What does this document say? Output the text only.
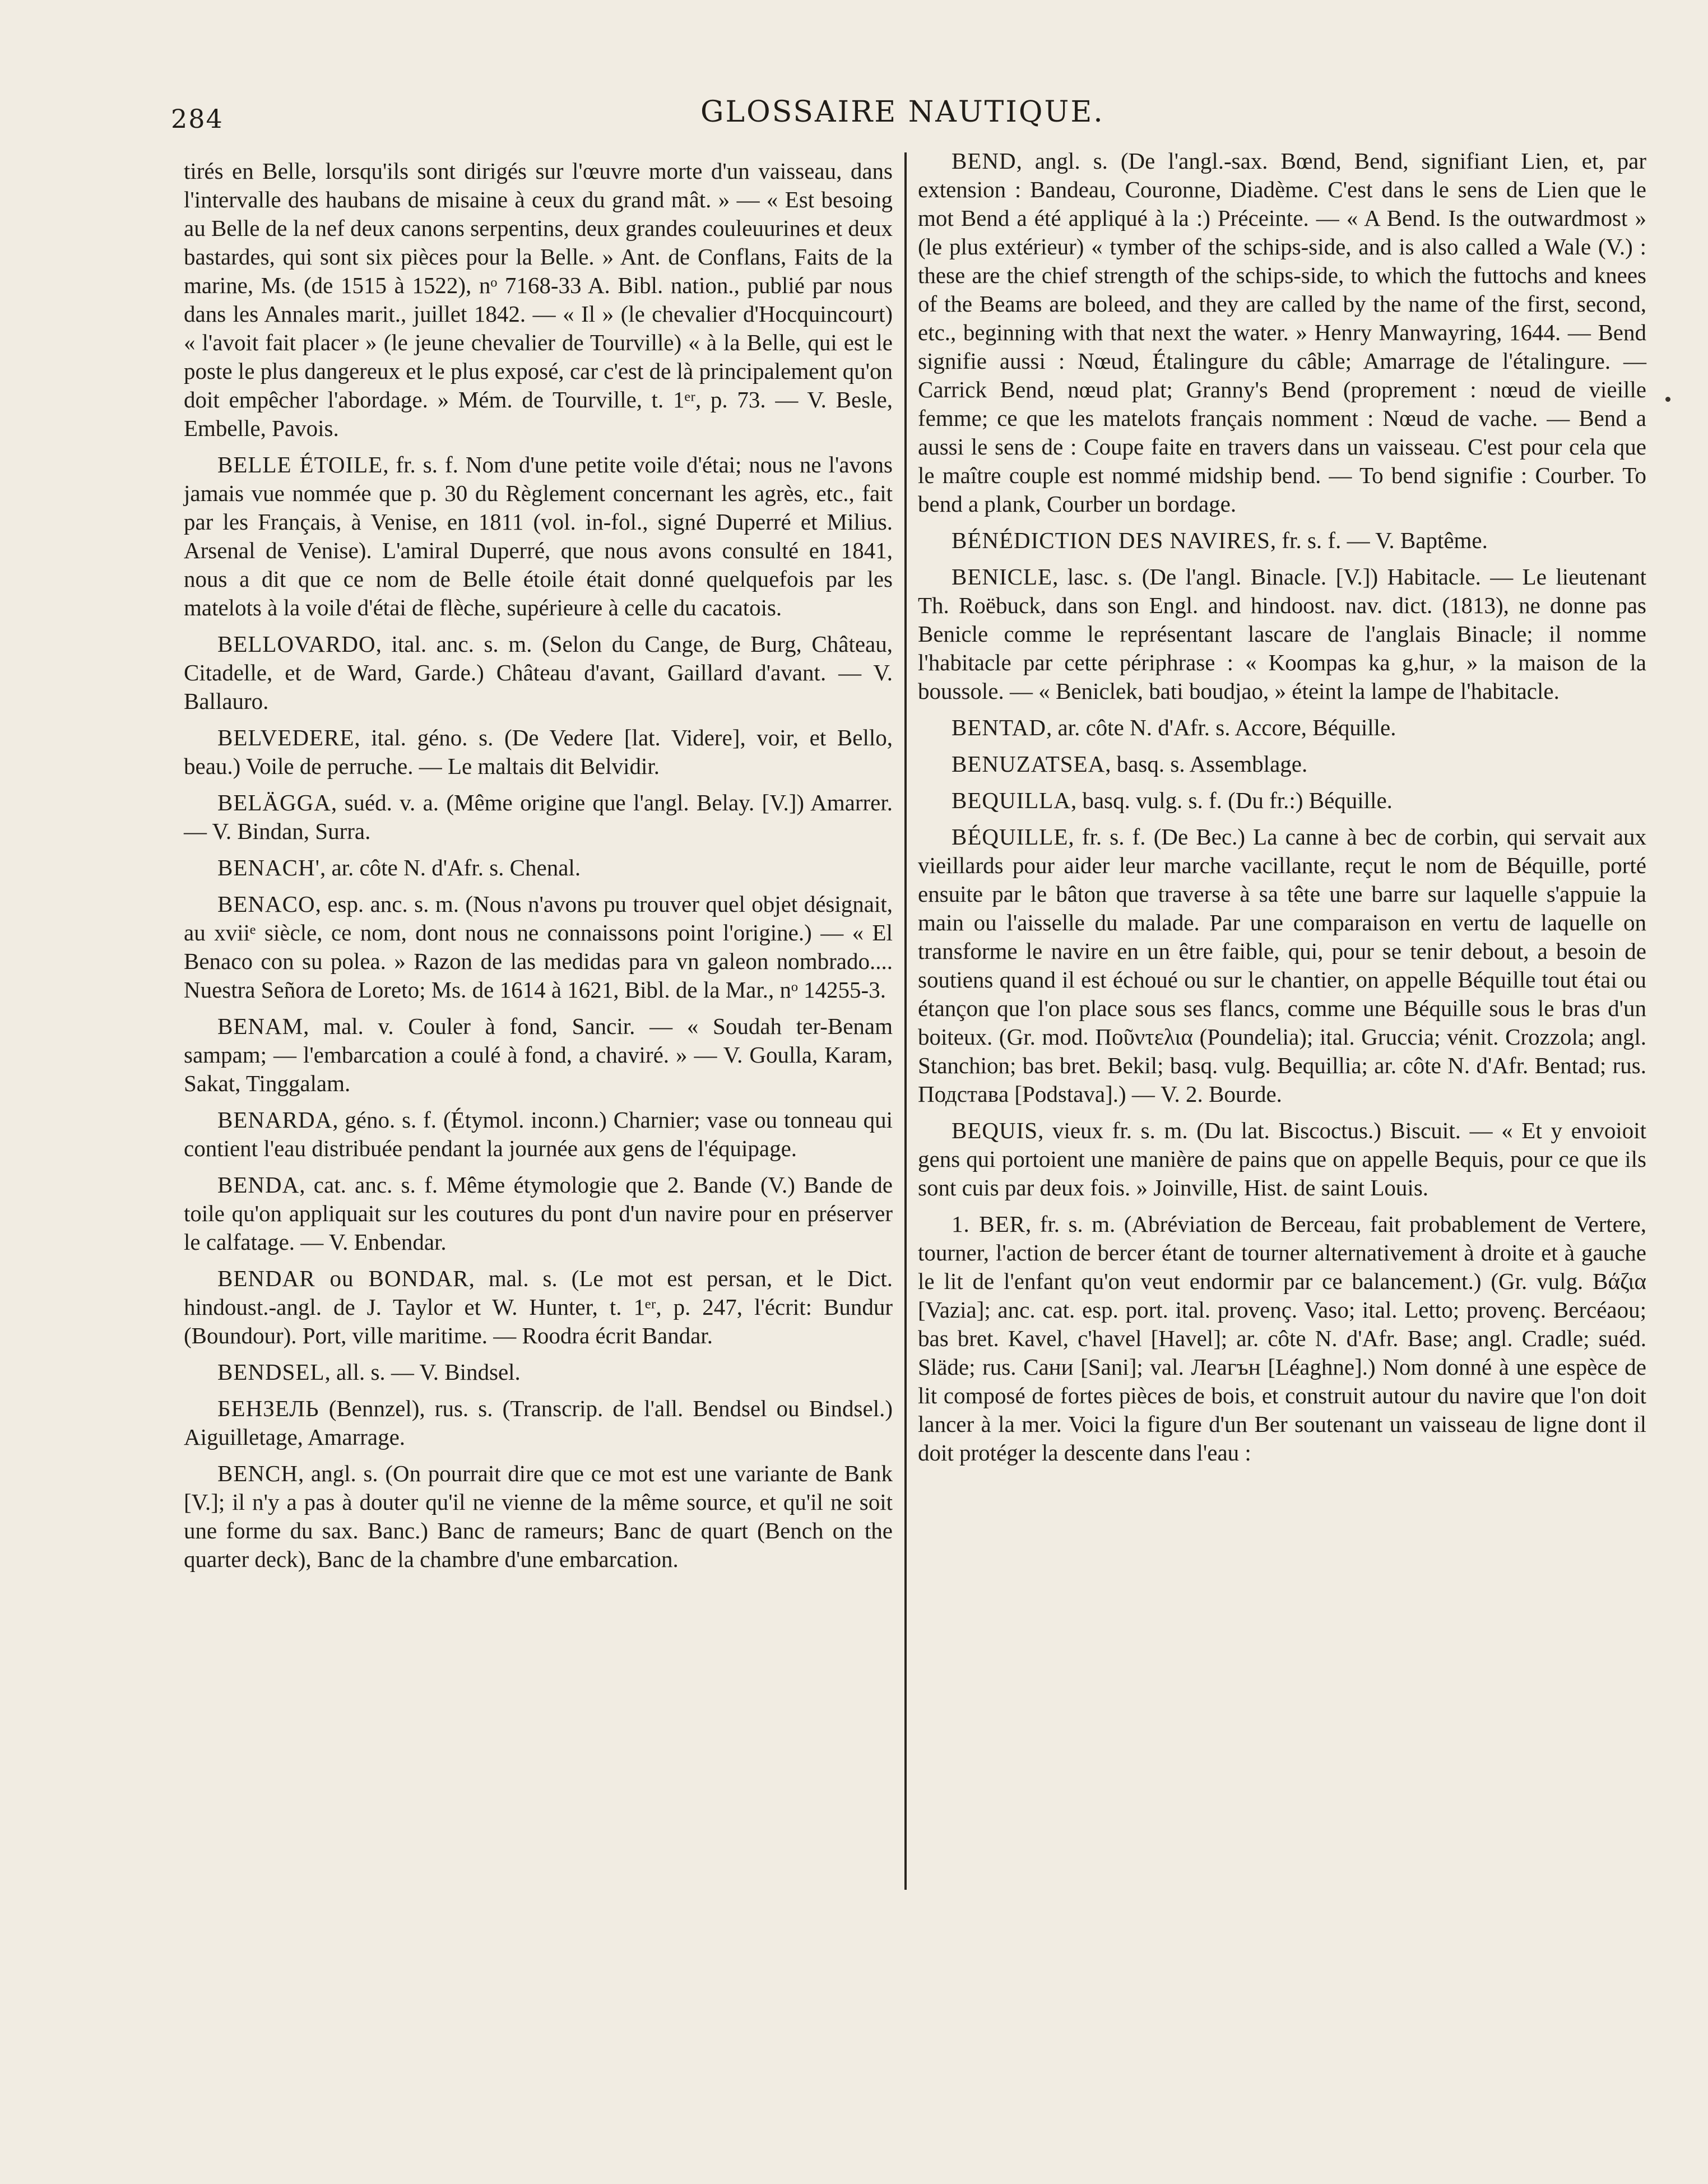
284	GLOSSAIRE NAUTIQUE.

tirés en Belle, lorsqu'ils sont dirigés sur l'œuvre morte d'un vaisseau, dans l'intervalle des haubans de misaine à ceux du grand mât. » — « Est besoing au Belle de la nef deux canons serpentins, deux grandes couleuurines et deux bastardes, qui sont six pièces pour la Belle. » Ant. de Conflans, Faits de la marine, Ms. (de 1515 à 1522), nᵒ 7168-33 A. Bibl. nation., publié par nous dans les Annales marit., juillet 1842. — « Il » (le chevalier d'Hocquincourt) « l'avoit fait placer » (le jeune chevalier de Tourville) « à la Belle, qui est le poste le plus dangereux et le plus exposé, car c'est de là principalement qu'on doit empêcher l'abordage. » Mém. de Tourville, t. 1ᵉʳ, p. 73. — V. Besle, Embelle, Pavois.

BELLE ÉTOILE, fr. s. f. Nom d'une petite voile d'étai; nous ne l'avons jamais vue nommée que p. 30 du Règlement concernant les agrès, etc., fait par les Français, à Venise, en 1811 (vol. in-fol., signé Duperré et Milius. Arsenal de Venise). L'amiral Duperré, que nous avons consulté en 1841, nous a dit que ce nom de Belle étoile était donné quelquefois par les matelots à la voile d'étai de flèche, supérieure à celle du cacatois.

BELLOVARDO, ital. anc. s. m. (Selon du Cange, de Burg, Château, Citadelle, et de Ward, Garde.) Château d'avant, Gaillard d'avant. — V. Ballauro.

BELVEDERE, ital. géno. s. (De Vedere [lat. Videre], voir, et Bello, beau.) Voile de perruche. — Le maltais dit Belvidir.

BELÄGGA, suéd. v. a. (Même origine que l'angl. Belay. [V.]) Amarrer. — V. Bindan, Surra.

BENACH', ar. côte N. d'Afr. s. Chenal.

BENACO, esp. anc. s. m. (Nous n'avons pu trouver quel objet désignait, au xviiᵉ siècle, ce nom, dont nous ne connaissons point l'origine.) — « El Benaco con su polea. » Razon de las medidas para vn galeon nombrado.... Nuestra Señora de Loreto; Ms. de 1614 à 1621, Bibl. de la Mar., nᵒ 14255-3.

BENAM, mal. v. Couler à fond, Sancir. — « Soudah ter-Benam sampam; — l'embarcation a coulé à fond, a chaviré. » — V. Goulla, Karam, Sakat, Tinggalam.

BENARDA, géno. s. f. (Étymol. inconn.) Charnier; vase ou tonneau qui contient l'eau distribuée pendant la journée aux gens de l'équipage.

BENDA, cat. anc. s. f. Même étymologie que 2. Bande (V.) Bande de toile qu'on appliquait sur les coutures du pont d'un navire pour en préserver le calfatage. — V. Enbendar.

BENDAR ou BONDAR, mal. s. (Le mot est persan, et le Dict. hindoust.-angl. de J. Taylor et W. Hunter, t. 1ᵉʳ, p. 247, l'écrit: Bundur (Boundour). Port, ville maritime. — Roodra écrit Bandar.

BENDSEL, all. s. — V. Bindsel.

БЕНЗЕЛЬ (Bennzel), rus. s. (Transcrip. de l'all. Bendsel ou Bindsel.) Aiguilletage, Amarrage.

BENCH, angl. s. (On pourrait dire que ce mot est une variante de Bank [V.]; il n'y a pas à douter qu'il ne vienne de la même source, et qu'il ne soit une forme du sax. Banc.) Banc de rameurs; Banc de quart (Bench on the quarter deck), Banc de la chambre d'une embarcation.

BEND, angl. s. (De l'angl.-sax. Bœnd, Bend, signifiant Lien, et, par extension : Bandeau, Couronne, Diadème. C'est dans le sens de Lien que le mot Bend a été appliqué à la :) Préceinte. — « A Bend. Is the outwardmost » (le plus extérieur) « tymber of the schips-side, and is also called a Wale (V.) : these are the chief strength of the schips-side, to which the futtochs and knees of the Beams are boleed, and they are called by the name of the first, second, etc., beginning with that next the water. » Henry Manwayring, 1644. — Bend signifie aussi : Nœud, Étalingure du câble; Amarrage de l'étalingure. — Carrick Bend, nœud plat; Granny's Bend (proprement : nœud de vieille femme; ce que les matelots français nomment : Nœud de vache. — Bend a aussi le sens de : Coupe faite en travers dans un vaisseau. C'est pour cela que le maître couple est nommé midship bend. — To bend signifie : Courber. To bend a plank, Courber un bordage.

BÉNÉDICTION DES NAVIRES, fr. s. f. — V. Baptême.

BENICLE, lasc. s. (De l'angl. Binacle. [V.]) Habitacle. — Le lieutenant Th. Roëbuck, dans son Engl. and hindoost. nav. dict. (1813), ne donne pas Benicle comme le représentant lascare de l'anglais Binacle; il nomme l'habitacle par cette périphrase : « Koompas ka g,hur, » la maison de la boussole. — « Beniclek, bati boudjao, » éteint la lampe de l'habitacle.

BENTAD, ar. côte N. d'Afr. s. Accore, Béquille.

BENUZATSEA, basq. s. Assemblage.

BEQUILLA, basq. vulg. s. f. (Du fr.:) Béquille.

BÉQUILLE, fr. s. f. (De Bec.) La canne à bec de corbin, qui servait aux vieillards pour aider leur marche vacillante, reçut le nom de Béquille, porté ensuite par le bâton que traverse à sa tête une barre sur laquelle s'appuie la main ou l'aisselle du malade. Par une comparaison en vertu de laquelle on transforme le navire en un être faible, qui, pour se tenir debout, a besoin de soutiens quand il est échoué ou sur le chantier, on appelle Béquille tout étai ou étançon que l'on place sous ses flancs, comme une Béquille sous le bras d'un boiteux. (Gr. mod. Ποῦντελια (Poundelia); ital. Gruccia; vénit. Crozzola; angl. Stanchion; bas bret. Bekil; basq. vulg. Bequillia; ar. côte N. d'Afr. Bentad; rus. Подставa [Podstava].) — V. 2. Bourde.

BEQUIS, vieux fr. s. m. (Du lat. Biscoctus.) Biscuit. — « Et y envoioit gens qui portoient une manière de pains que on appelle Bequis, pour ce que ils sont cuis par deux fois. » Joinville, Hist. de saint Louis.

1. BER, fr. s. m. (Abréviation de Berceau, fait probablement de Vertere, tourner, l'action de bercer étant de tourner alternativement à droite et à gauche le lit de l'enfant qu'on veut endormir par ce balancement.) (Gr. vulg. Βάζια [Vazia]; anc. cat. esp. port. ital. provenç. Vaso; ital. Letto; provenç. Bercéaou; bas bret. Kavel, c'havel [Havel]; ar. côte N. d'Afr. Base; angl. Cradle; suéd. Släde; rus. Сани [Sani]; val. Леагън [Léaghne].) Nom donné à une espèce de lit composé de fortes pièces de bois, et construit autour du navire que l'on doit lancer à la mer. Voici la figure d'un Ber soutenant un vaisseau de ligne dont il doit protéger la descente dans l'eau :
